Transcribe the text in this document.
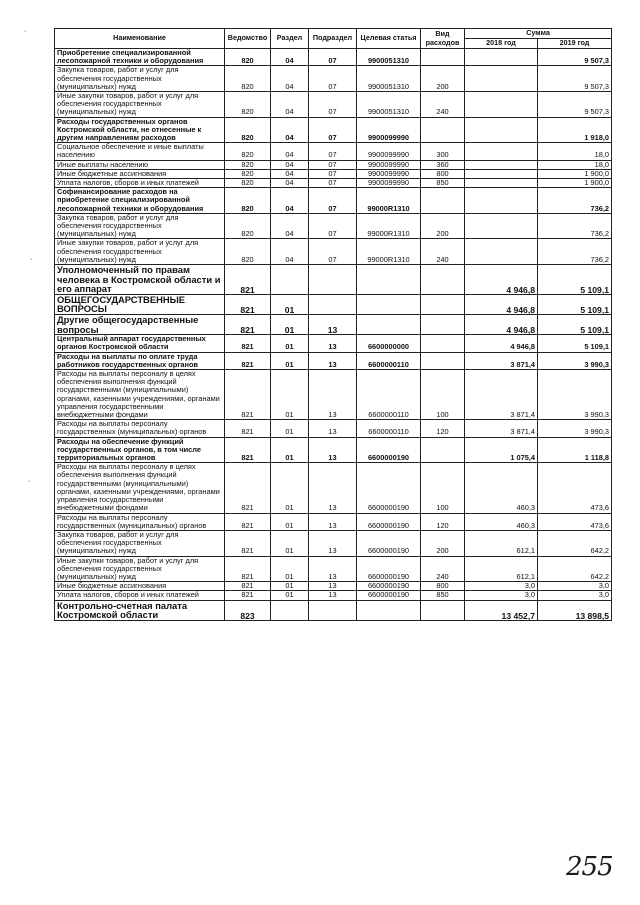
`
`
`
Наименование	Ведомство	Раздел	Подраздел	Целевая статья	Вид расходов	Сумма	
						2018 год	2019 год
Приобретение специализированной лесопожарной техники и оборудования	820	04	07	9900051310			9 507,3
Закупка товаров, работ и услуг для обеспечения государственных (муниципальных) нужд	820	04	07	9900051310	200		9 507,3
Иные закупки товаров, работ и услуг для обеспечения государственных (муниципальных) нужд	820	04	07	9900051310	240		9 507,3
Расходы государственных органов Костромской области, не отнесенные к другим направлениям расходов	820	04	07	9900099990			1 918,0
Социальное обеспечение и иные выплаты населению	820	04	07	9900099990	300		18,0
Иные выплаты населению	820	04	07	9900099990	360		18,0
Иные бюджетные ассигнования	820	04	07	9900099990	800		1 900,0
Уплата налогов, сборов и иных платежей	820	04	07	9900099990	850		1 900,0
Софинансирование расходов на приобретение специализированной лесопожарной техники и оборудования	820	04	07	99000R1310			736,2
Закупка товаров, работ и услуг для обеспечения государственных (муниципальных) нужд	820	04	07	99000R1310	200		736,2
Иные закупки товаров, работ и услуг для обеспечения государственных (муниципальных) нужд	820	04	07	99000R1310	240		736,2
Уполномоченный по правам человека в Костромской области и его аппарат	821					4 946,8	5 109,1
ОБЩЕГОСУДАРСТВЕННЫЕ ВОПРОСЫ	821	01				4 946,8	5 109,1
Другие общегосударственные вопросы	821	01	13			4 946,8	5 109,1
Центральный аппарат государственных органов Костромской области	821	01	13	6600000000		4 946,8	5 109,1
Расходы на выплаты по оплате труда работников государственных органов	821	01	13	6600000110		3 871,4	3 990,3
Расходы на выплаты персоналу в целях обеспечения выполнения функций государственными (муниципальными) органами, казенными учреждениями, органами управления государственными внебюджетными фондами	821	01	13	6600000110	100	3 871,4	3 990,3
Расходы на выплаты персоналу государственных (муниципальных) органов	821	01	13	6600000110	120	3 871,4	3 990,3
Расходы на обеспечение функций государственных органов, в том числе территориальных органов	821	01	13	6600000190		1 075,4	1 118,8
Расходы на выплаты персоналу в целях обеспечения выполнения функций государственными (муниципальными) органами, казенными учреждениями, органами управления государственными внебюджетными фондами	821	01	13	6600000190	100	460,3	473,6
Расходы на выплаты персоналу государственных (муниципальных) органов	821	01	13	6600000190	120	460,3	473,6
Закупка товаров, работ и услуг для обеспечения государственных (муниципальных) нужд	821	01	13	6600000190	200	612,1	642,2
Иные закупки товаров, работ и услуг для обеспечения государственных (муниципальных) нужд	821	01	13	6600000190	240	612,1	642,2
Иные бюджетные ассигнования	821	01	13	6600000190	800	3,0	3,0
Уплата налогов, сборов и иных платежей	821	01	13	6600000190	850	3,0	3,0
Контрольно-счетная палата Костромской области	823					13 452,7	13 898,5
255
